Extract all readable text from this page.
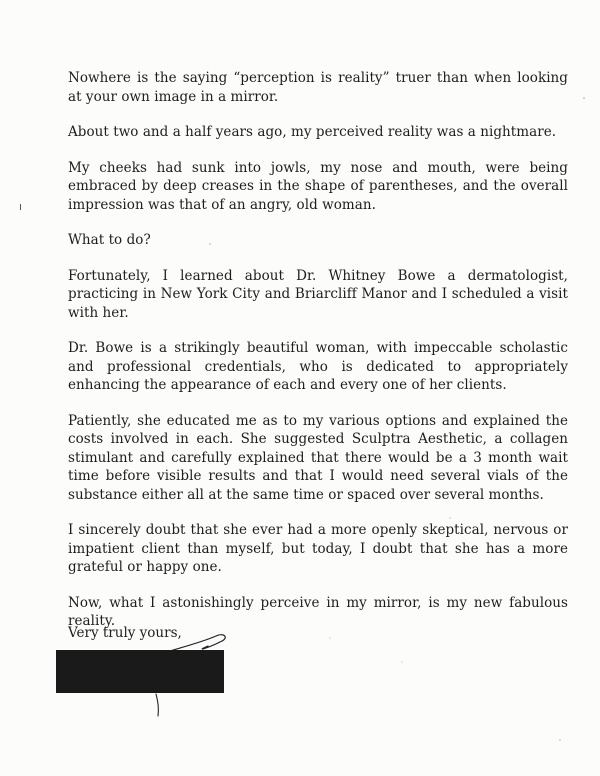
Nowhere is the saying “perception is reality” truer than when looking at your own image in a mirror.

About two and a half years ago, my perceived reality was a nightmare.

My cheeks had sunk into jowls, my nose and mouth, were being embraced by deep creases in the shape of parentheses, and the overall impression was that of an angry, old woman.

What to do?

Fortunately, I learned about Dr. Whitney Bowe a dermatologist, practicing in New York City and Briarcliff Manor and I scheduled a visit with her.

Dr. Bowe is a strikingly beautiful woman, with impeccable scholastic and professional credentials, who is dedicated to appropriately enhancing the appearance of each and every one of her clients.

Patiently, she educated me as to my various options and explained the costs involved in each. She suggested Sculptra Aesthetic, a collagen stimulant and carefully explained that there would be a 3 month wait time before visible results and that I would need several vials of the substance either all at the same time or spaced over several months.

I sincerely doubt that she ever had a more openly skeptical, nervous or impatient client than myself, but today, I doubt that she has a more grateful or happy one.

Now, what I astonishingly perceive in my mirror, is my new fabulous reality.

Very truly yours,
